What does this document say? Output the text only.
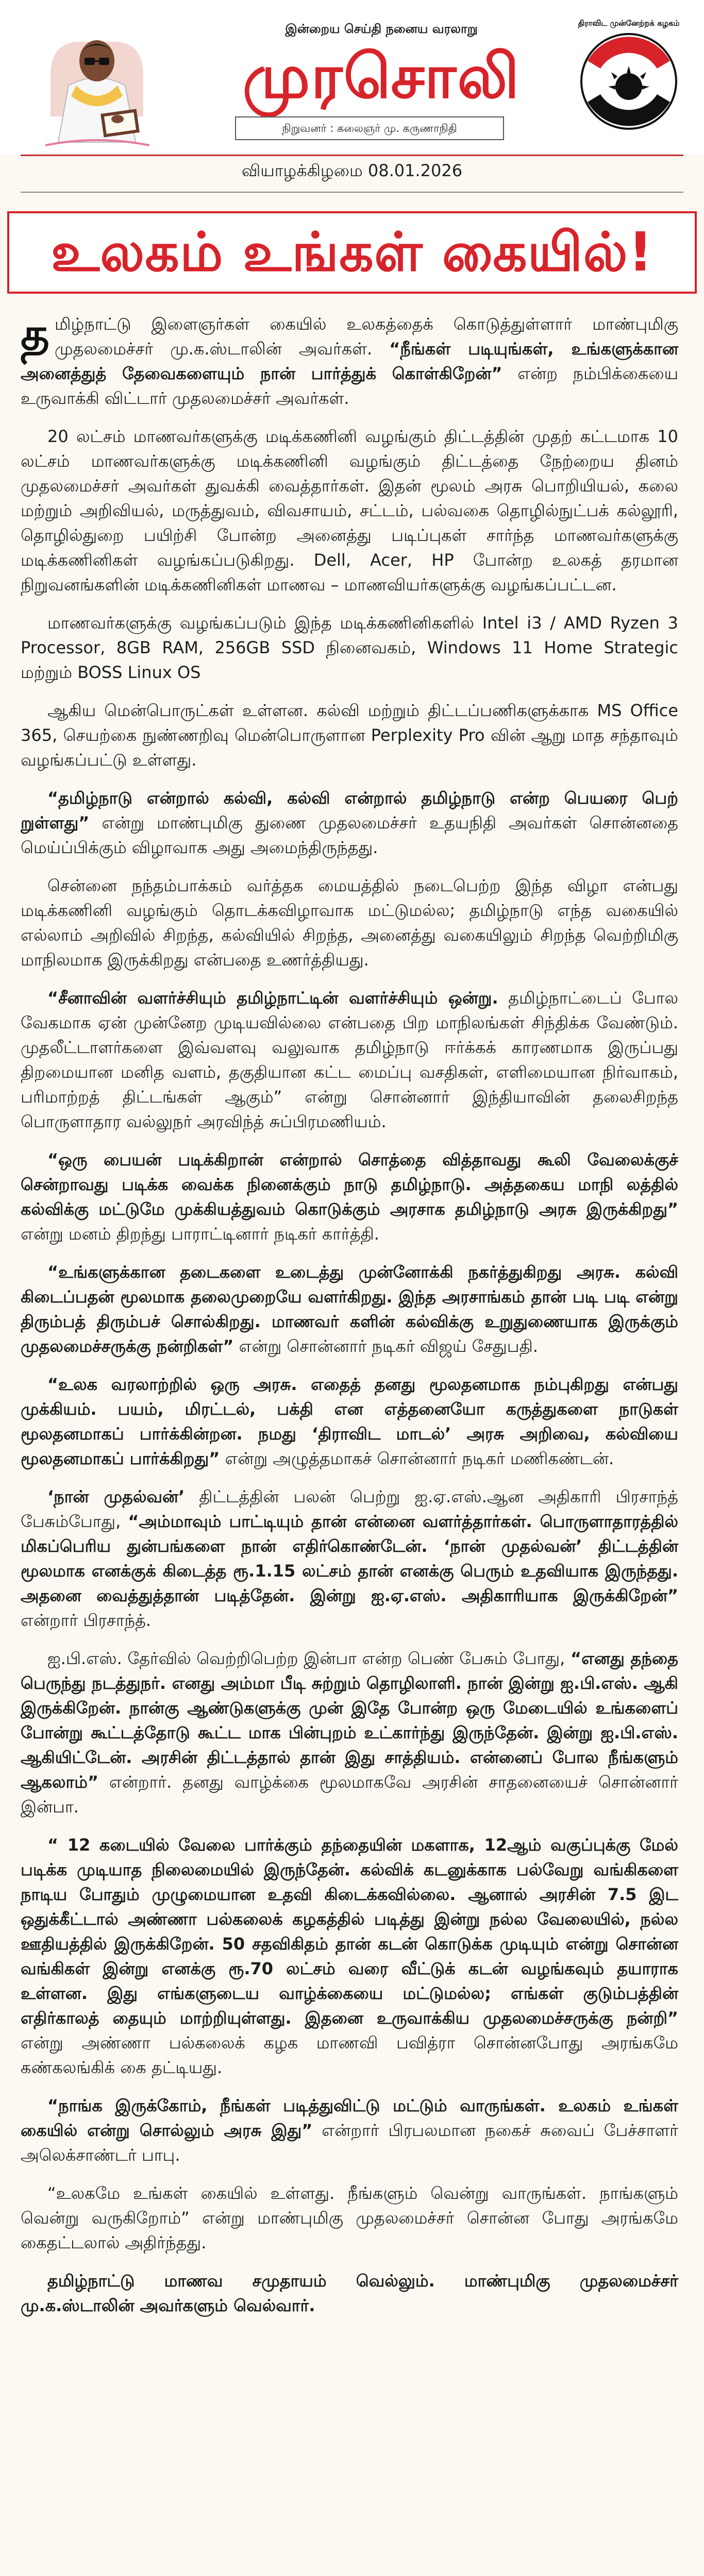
இன்றைய செய்தி நனைய வரலாறு
முரசொலி
நிறுவனர் : கலைஞர் மு. கருணாநிதி
திராவிட முன்னேற்றக் கழகம்
வியாழக்கிழமை 08.01.2026
உலகம் உங்கள் கையில்!

தமிழ்நாட்டு இளைஞர்கள் கையில் உலகத்தைக் கொடுத்துள்ளார் மாண்புமிகு முதலமைச்சர் மு.க.ஸ்டாலின் அவர்கள். “நீங்கள் படியுங்கள், உங்களுக்கான அனைத்துத் தேவைகளையும் நான் பார்த்துக் கொள்கிறேன்” என்ற நம்பிக்கையை உருவாக்கி விட்டார் முதலமைச்சர் அவர்கள்.

20 லட்சம் மாணவர்களுக்கு மடிக்கணினி வழங்கும் திட்டத்தின் முதற் கட்டமாக 10 லட்சம் மாணவர்களுக்கு மடிக்கணினி வழங்கும் திட்டத்தை நேற்றைய தினம் முதலமைச்சர் அவர்கள் துவக்கி வைத்தார்கள். இதன் மூலம் அரசு பொறியியல், கலை மற்றும் அறிவியல், மருத்துவம், விவசாயம், சட்டம், பல்வகை தொழில்நுட்பக் கல்லூரி, தொழில்துறை பயிற்சி போன்ற அனைத்து படிப்புகள் சார்ந்த மாணவர்களுக்கு மடிக்கணினிகள் வழங்கப்படுகிறது. Dell, Acer, HP போன்ற உலகத் தரமான நிறுவனங்களின் மடிக்கணினிகள் மாணவ – மாணவியர்களுக்கு வழங்கப்பட்டன.

மாணவர்களுக்கு வழங்கப்படும் இந்த மடிக்கணினிகளில் Intel i3 / AMD Ryzen 3 Processor, 8GB RAM, 256GB SSD நினைவகம், Windows 11 Home Strategic மற்றும் BOSS Linux OS

ஆகிய மென்பொருட்கள் உள்ளன. கல்வி மற்றும் திட்டப்பணிகளுக்காக MS Office 365, செயற்கை நுண்ணறிவு மென்பொருளான Perplexity Pro வின் ஆறு மாத சந்தாவும் வழங்கப்பட்டு உள்ளது.

“தமிழ்நாடு என்றால் கல்வி, கல்வி என்றால் தமிழ்நாடு என்ற பெயரை பெற் றுள்ளது” என்று மாண்புமிகு துணை முதலமைச்சர் உதயநிதி அவர்கள் சொன்னதை மெய்ப்பிக்கும் விழாவாக அது அமைந்திருந்தது.

சென்னை நந்தம்பாக்கம் வர்த்தக மையத்தில் நடைபெற்ற இந்த விழா என்பது மடிக்கணினி வழங்கும் தொடக்கவிழாவாக மட்டுமல்ல; தமிழ்நாடு எந்த வகையில் எல்லாம் அறிவில் சிறந்த, கல்வியில் சிறந்த, அனைத்து வகையிலும் சிறந்த வெற்றிமிகு மாநிலமாக இருக்கிறது என்பதை உணர்த்தியது.

“சீனாவின் வளர்ச்சியும் தமிழ்நாட்டின் வளர்ச்சியும் ஒன்று. தமிழ்நாட்டைப் போல வேகமாக ஏன் முன்னேற முடியவில்லை என்பதை பிற மாநிலங்கள் சிந்திக்க வேண்டும். முதலீட்டாளர்களை இவ்வளவு வலுவாக தமிழ்நாடு ஈர்க்கக் காரணமாக இருப்பது திறமையான மனித வளம், தகுதியான கட்ட மைப்பு வசதிகள், எளிமையான நிர்வாகம், பரிமாற்றத் திட்டங்கள் ஆகும்” என்று சொன்னார் இந்தியாவின் தலைசிறந்த பொருளாதார வல்லுநர் அரவிந்த் சுப்பிரமணியம்.

“ஒரு பையன் படிக்கிறான் என்றால் சொத்தை வித்தாவது கூலி வேலைக்குச் சென்றாவது படிக்க வைக்க நினைக்கும் நாடு தமிழ்நாடு. அத்தகைய மாநி லத்தில் கல்விக்கு மட்டுமே முக்கியத்துவம் கொடுக்கும் அரசாக தமிழ்நாடு அரசு இருக்கிறது” என்று மனம் திறந்து பாராட்டினார் நடிகர் கார்த்தி.

“உங்களுக்கான தடைகளை உடைத்து முன்னோக்கி நகர்த்துகிறது அரசு. கல்வி கிடைப்பதன் மூலமாக தலைமுறையே வளர்கிறது. இந்த அரசாங்கம் தான் படி படி என்று திரும்பத் திரும்பச் சொல்கிறது. மாணவர் களின் கல்விக்கு உறுதுணையாக இருக்கும் முதலமைச்சருக்கு நன்றிகள்” என்று சொன்னார் நடிகர் விஜய் சேதுபதி.

“உலக வரலாற்றில் ஒரு அரசு. எதைத் தனது மூலதனமாக நம்புகிறது என்பது முக்கியம். பயம், மிரட்டல், பக்தி என எத்தனையோ கருத்துகளை நாடுகள் மூலதனமாகப் பார்க்கின்றன. நமது ‘திராவிட மாடல்’ அரசு அறிவை, கல்வியை மூலதனமாகப் பார்க்கிறது” என்று அழுத்தமாகச் சொன்னார் நடிகர் மணிகண்டன்.

‘நான் முதல்வன்’ திட்டத்தின் பலன் பெற்று ஐ.ஏ.எஸ்.ஆன அதிகாரி பிரசாந்த் பேசும்போது, “அம்மாவும் பாட்டியும் தான் என்னை வளர்த்தார்கள். பொருளாதாரத்தில் மிகப்பெரிய துன்பங்களை நான் எதிர்கொண்டேன். ‘நான் முதல்வன்’ திட்டத்தின் மூலமாக எனக்குக் கிடைத்த ரூ.1.15 லட்சம் தான் எனக்கு பெரும் உதவியாக இருந்தது. அதனை வைத்துத்தான் படித்தேன். இன்று ஐ.ஏ.எஸ். அதிகாரியாக இருக்கிறேன்” என்றார் பிரசாந்த்.

ஐ.பி.எஸ். தேர்வில் வெற்றிபெற்ற இன்பா என்ற பெண் பேசும் போது, “எனது தந்தை பெருந்து நடத்துநர். எனது அம்மா பீடி சுற்றும் தொழிலாளி. நான் இன்று ஐ.பி.எஸ். ஆகி இருக்கிறேன். நான்கு ஆண்டுகளுக்கு முன் இதே போன்ற ஒரு மேடையில் உங்களைப் போன்று கூட்டத்தோடு கூட்ட மாக பின்புறம் உட்கார்ந்து இருந்தேன். இன்று ஐ.பி.எஸ். ஆகியிட்டேன். அரசின் திட்டத்தால் தான் இது சாத்தியம். என்னைப் போல நீங்களும் ஆகலாம்” என்றார். தனது வாழ்க்கை மூலமாகவே அரசின் சாதனையைச் சொன்னார் இன்பா.

“ 12 கடையில் வேலை பார்க்கும் தந்தையின் மகளாக, 12ஆம் வகுப்புக்கு மேல் படிக்க முடியாத நிலைமையில் இருந்தேன். கல்விக் கடனுக்காக பல்வேறு வங்கிகளை நாடிய போதும் முழுமையான உதவி கிடைக்கவில்லை. ஆனால் அரசின் 7.5 இட ஒதுக்கீட்டால் அண்ணா பல்கலைக் கழகத்தில் படித்து இன்று நல்ல வேலையில், நல்ல ஊதியத்தில் இருக்கிறேன். 50 சதவிகிதம் தான் கடன் கொடுக்க முடியும் என்று சொன்ன வங்கிகள் இன்று எனக்கு ரூ.70 லட்சம் வரை வீட்டுக் கடன் வழங்கவும் தயாராக உள்ளன. இது எங்களுடைய வாழ்க்கையை மட்டுமல்ல; எங்கள் குடும்பத்தின் எதிர்காலத் தையும் மாற்றியுள்ளது. இதனை உருவாக்கிய முதலமைச்சருக்கு நன்றி” என்று அண்ணா பல்கலைக் கழக மாணவி பவித்ரா சொன்னபோது அரங்கமே கண்கலங்கிக் கை தட்டியது.

“நாங்க இருக்கோம், நீங்கள் படித்துவிட்டு மட்டும் வாருங்கள். உலகம் உங்கள் கையில் என்று சொல்லும் அரசு இது” என்றார் பிரபலமான நகைச் சுவைப் பேச்சாளர் அலெக்சாண்டர் பாபு.

“உலகமே உங்கள் கையில் உள்ளது. நீங்களும் வென்று வாருங்கள். நாங்களும் வென்று வருகிறோம்” என்று மாண்புமிகு முதலமைச்சர் சொன்ன போது அரங்கமே கைதட்டலால் அதிர்ந்தது.

தமிழ்நாட்டு மாணவ சமுதாயம் வெல்லும். மாண்புமிகு முதலமைச்சர் மு.க.ஸ்டாலின் அவர்களும் வெல்வார்.
